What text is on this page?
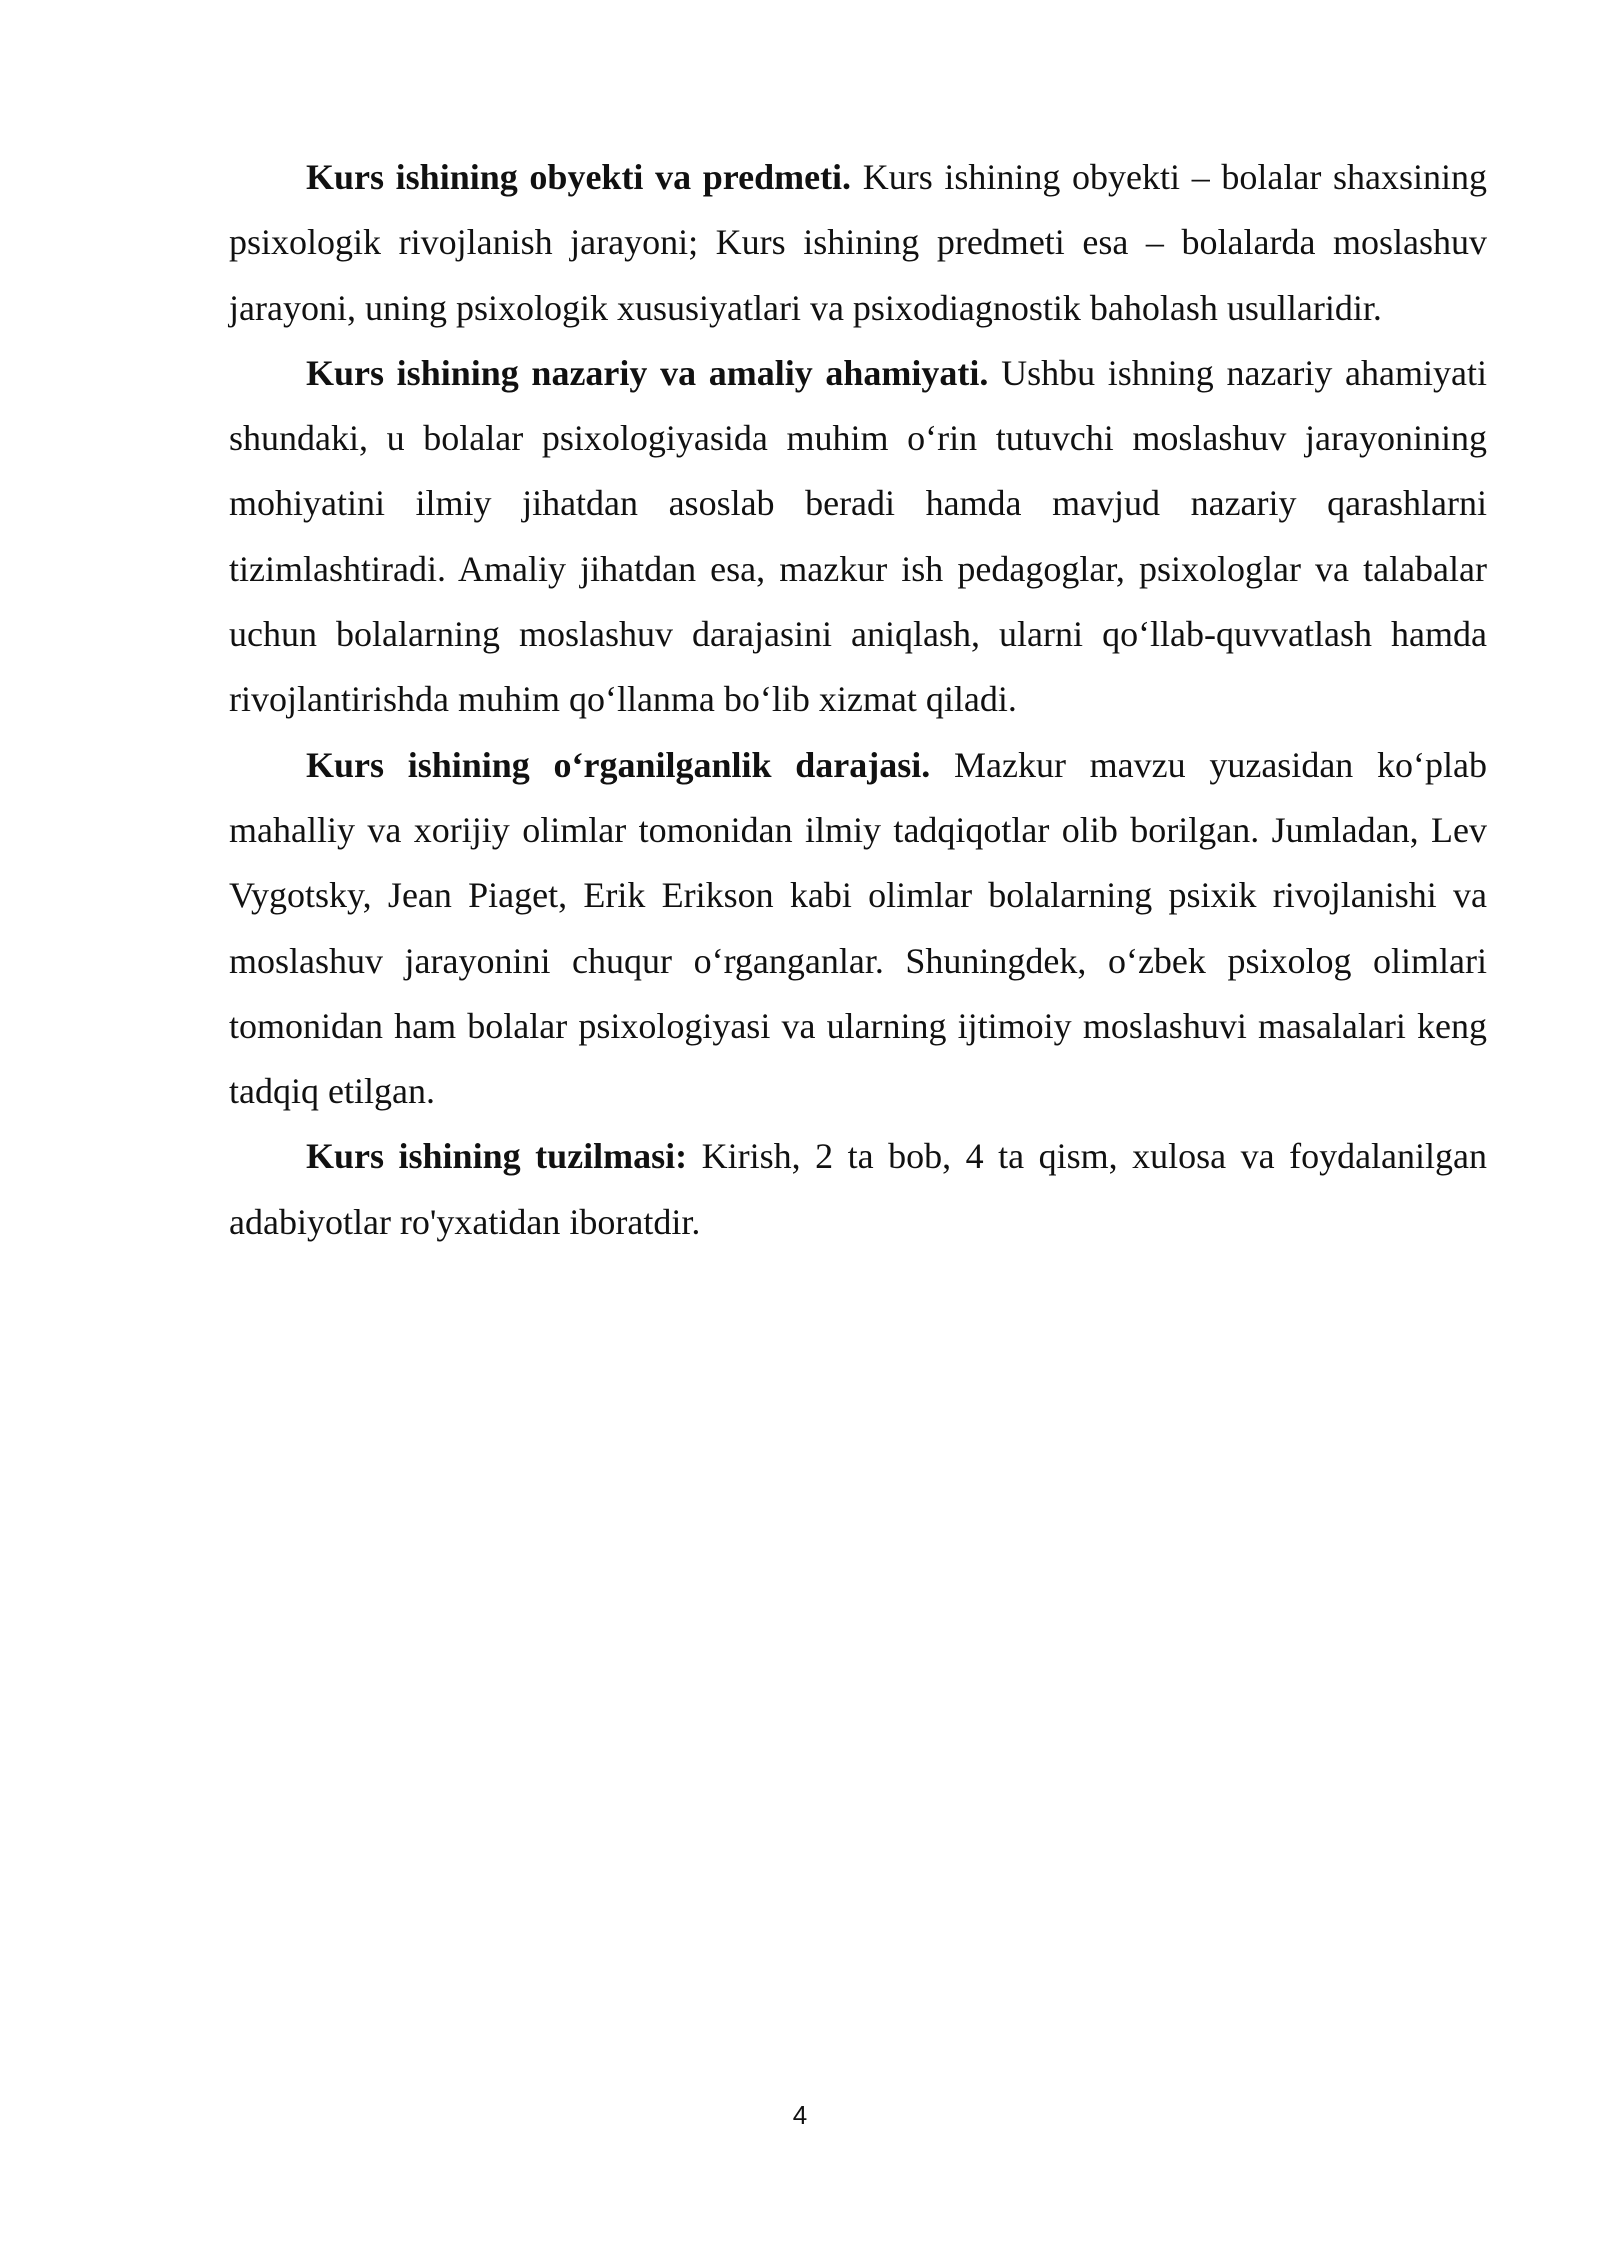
Kurs ishining obyekti va predmeti. Kurs ishining obyekti – bolalar shaxsining psixologik rivojlanish jarayoni; Kurs ishining predmeti esa – bolalarda moslashuv jarayoni, uning psixologik xususiyatlari va psixodiagnostik baholash usullaridir.

Kurs ishining nazariy va amaliy ahamiyati. Ushbu ishning nazariy ahamiyati shundaki, u bolalar psixologiyasida muhim o‘rin tutuvchi moslashuv jarayonining mohiyatini ilmiy jihatdan asoslab beradi hamda mavjud nazariy qarashlarni tizimlashtiradi. Amaliy jihatdan esa, mazkur ish pedagoglar, psixologlar va talabalar uchun bolalarning moslashuv darajasini aniqlash, ularni qo‘llab-quvvatlash hamda rivojlantirishda muhim qo‘llanma bo‘lib xizmat qiladi.

Kurs ishining o‘rganilganlik darajasi. Mazkur mavzu yuzasidan ko‘plab mahalliy va xorijiy olimlar tomonidan ilmiy tadqiqotlar olib borilgan. Jumladan, Lev Vygotsky, Jean Piaget, Erik Erikson kabi olimlar bolalarning psixik rivojlanishi va moslashuv jarayonini chuqur o‘rganganlar. Shuningdek, o‘zbek psixolog olimlari tomonidan ham bolalar psixologiyasi va ularning ijtimoiy moslashuvi masalalari keng tadqiq etilgan.

Kurs ishining tuzilmasi: Kirish, 2 ta bob, 4 ta qism, xulosa va foydalanilgan adabiyotlar ro'yxatidan iboratdir.

4
